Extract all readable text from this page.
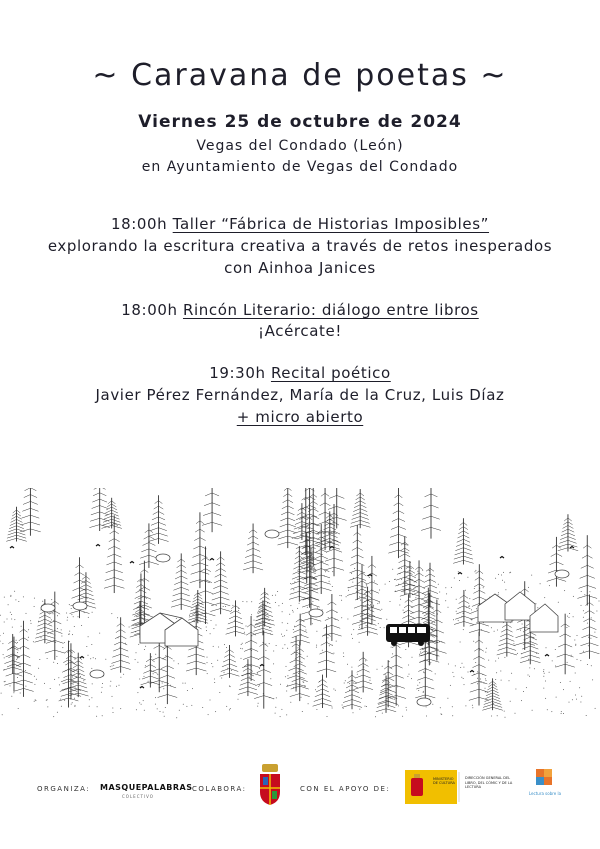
~ Caravana de poetas ~
Viernes 25 de octubre de 2024
Vegas del Condado (León)
en Ayuntamiento de Vegas del Condado
18:00h Taller “Fábrica de Historias Imposibles”
explorando la escritura creativa a través de retos inesperados
con Ainhoa Janices
18:00h Rincón Literario: diálogo entre libros
¡Acércate!
19:30h Recital poético
Javier Pérez Fernández, María de la Cruz, Luis Díaz
+ micro abierto
ORGANIZA: MASQUEPALABRAS
COLECTIVO
COLABORA:	CON EL APOYO DE:
MINISTERIO DE CULTURA
DIRECCIÓN GENERAL DEL LIBRO, DEL CÓMIC Y DE LA LECTURA
Lectura sobre la
